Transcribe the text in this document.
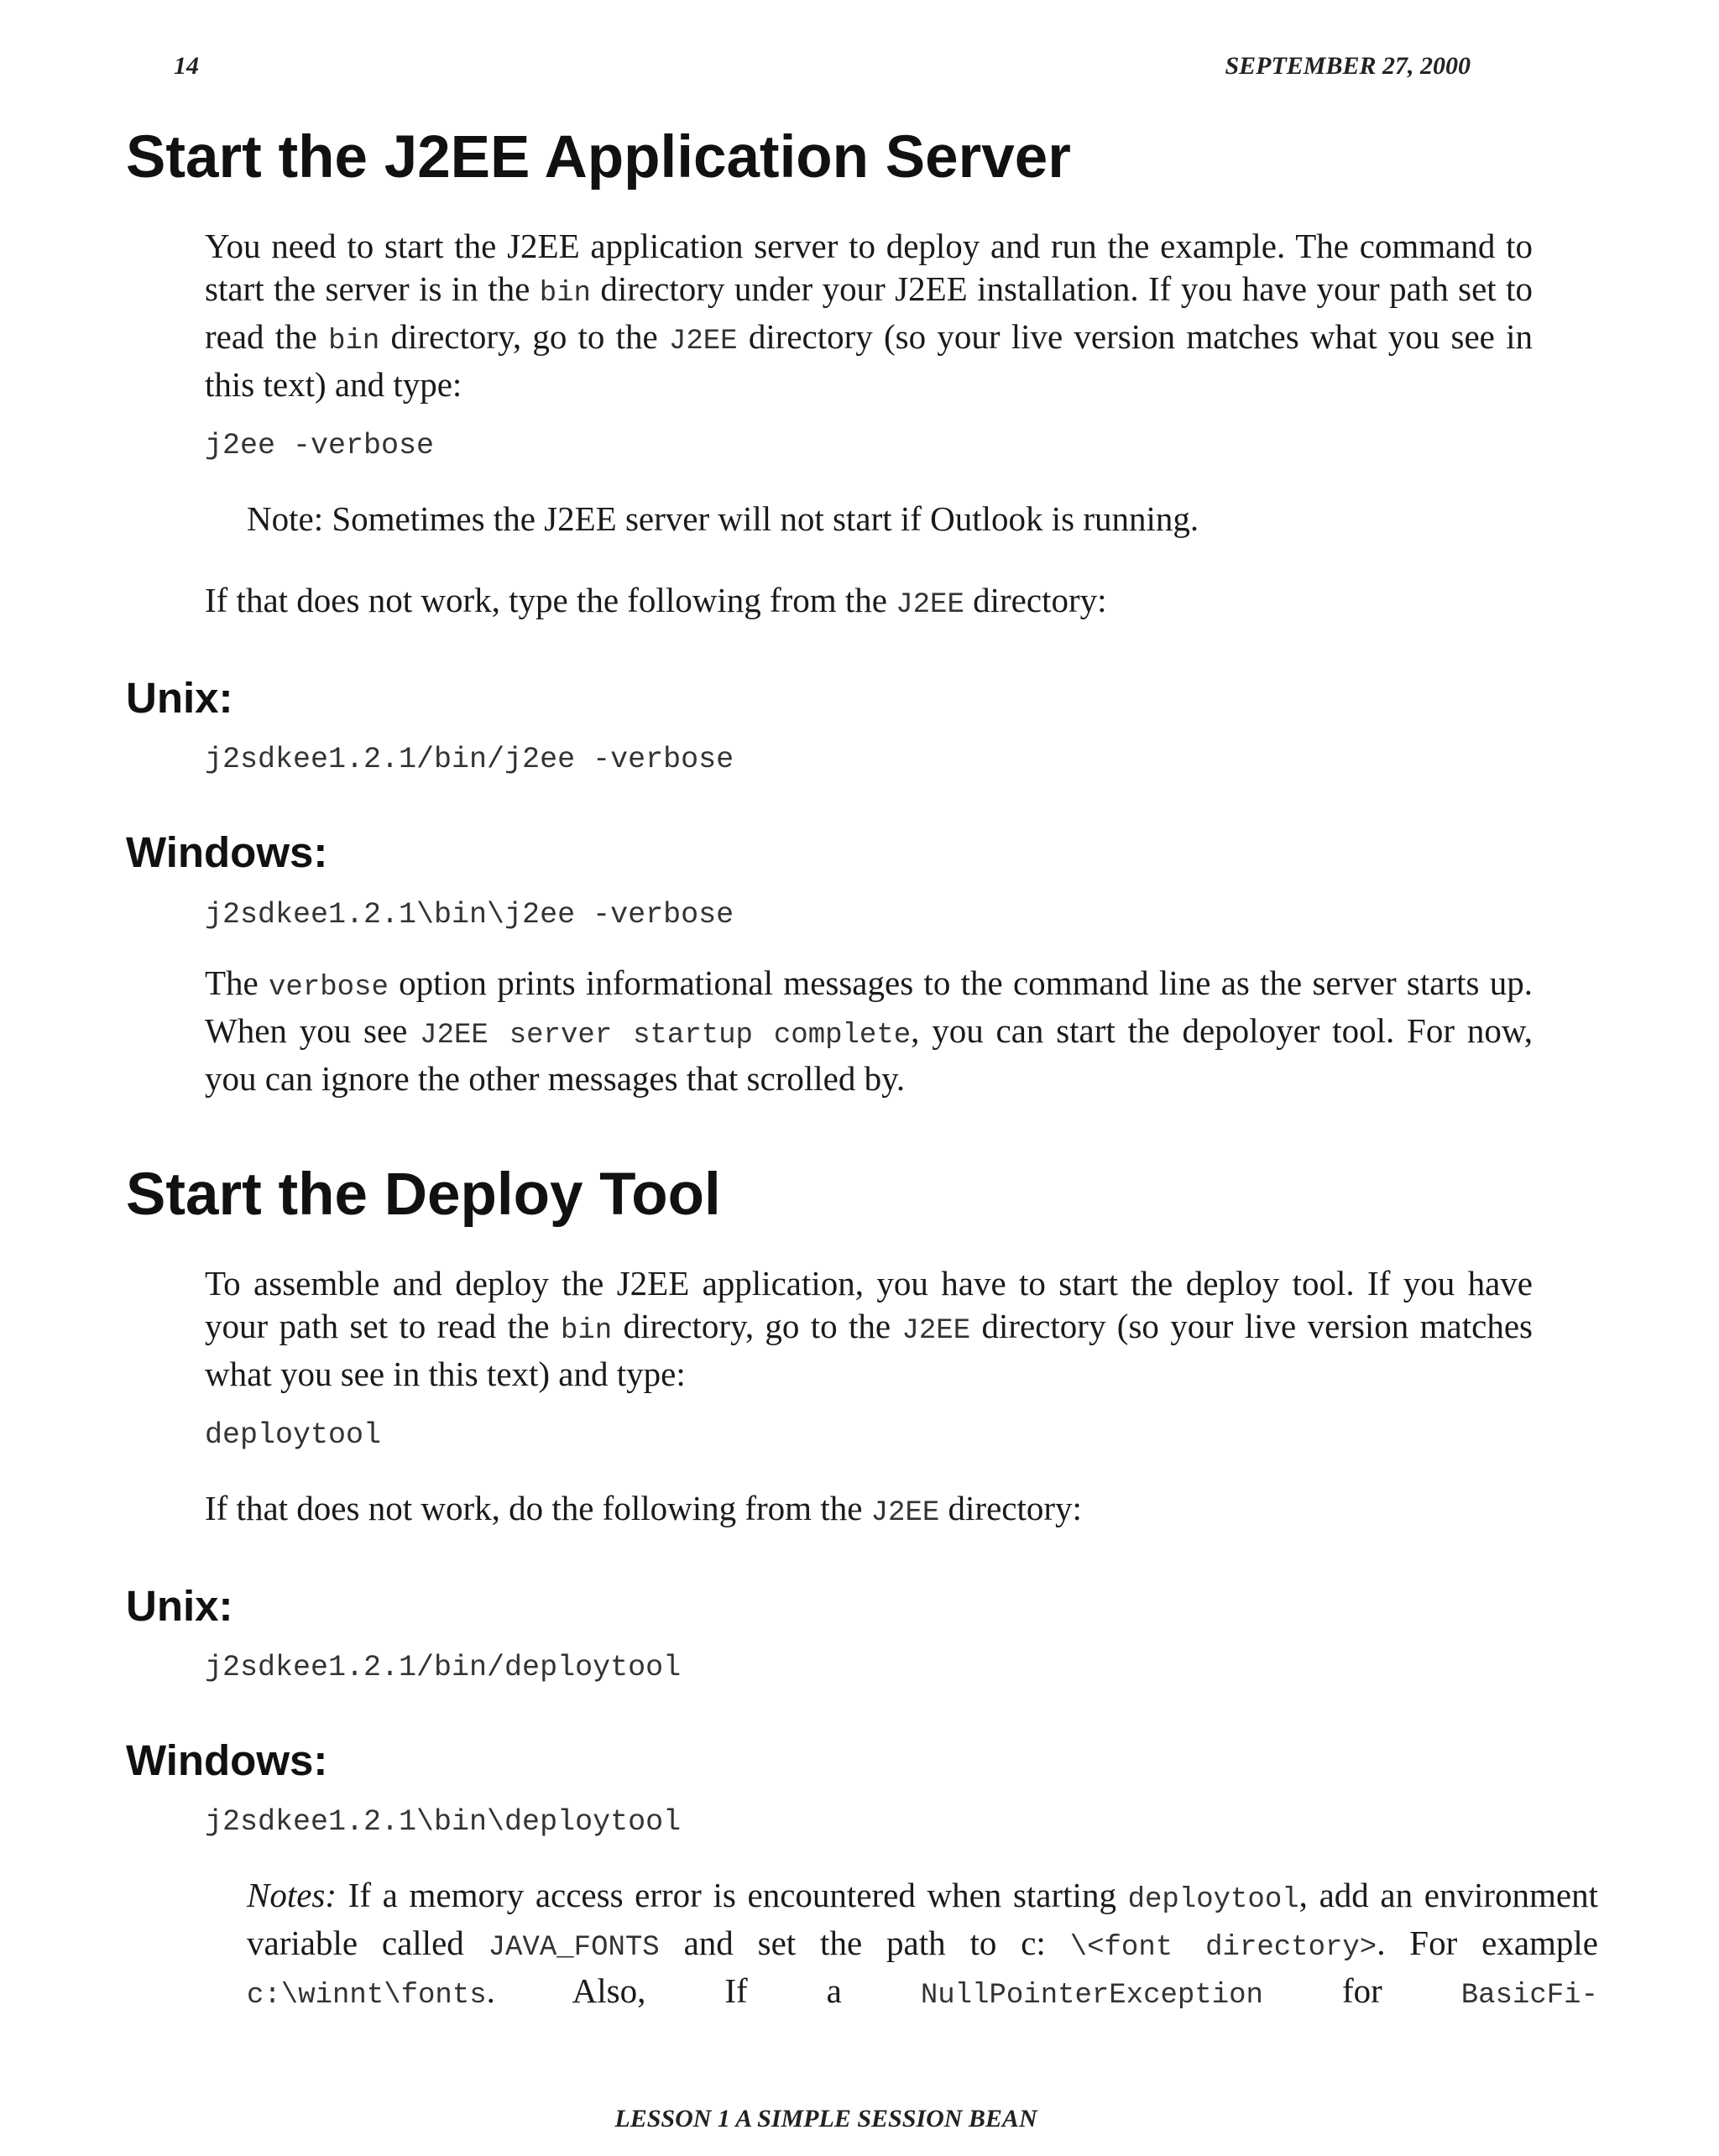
14	SEPTEMBER 27, 2000
Start the J2EE Application Server

You need to start the J2EE application server to deploy and run the example. The command to start the server is in the bin directory under your J2EE installation. If you have your path set to read the bin directory, go to the J2EE directory (so your live version matches what you see in this text) and type:

j2ee -verbose

Note: Sometimes the J2EE server will not start if Outlook is running.

If that does not work, type the following from the J2EE directory:

Unix:
j2sdkee1.2.1/bin/j2ee -verbose
Windows:
j2sdkee1.2.1\bin\j2ee -verbose

The verbose option prints informational messages to the command line as the server starts up. When you see J2EE server startup complete, you can start the depoloyer tool. For now, you can ignore the other messages that scrolled by.

Start the Deploy Tool

To assemble and deploy the J2EE application, you have to start the deploy tool. If you have your path set to read the bin directory, go to the J2EE directory (so your live version matches what you see in this text) and type:

deploytool

If that does not work, do the following from the J2EE directory:

Unix:
j2sdkee1.2.1/bin/deploytool
Windows:
j2sdkee1.2.1\bin\deploytool

Notes: If a memory access error is encountered when starting deploytool, add an environment variable called JAVA_FONTS and set the path to c: \<font directory>. For example c:\winnt\fonts. Also, If a NullPointerException for BasicFi-

LESSON 1 A SIMPLE SESSION BEAN
